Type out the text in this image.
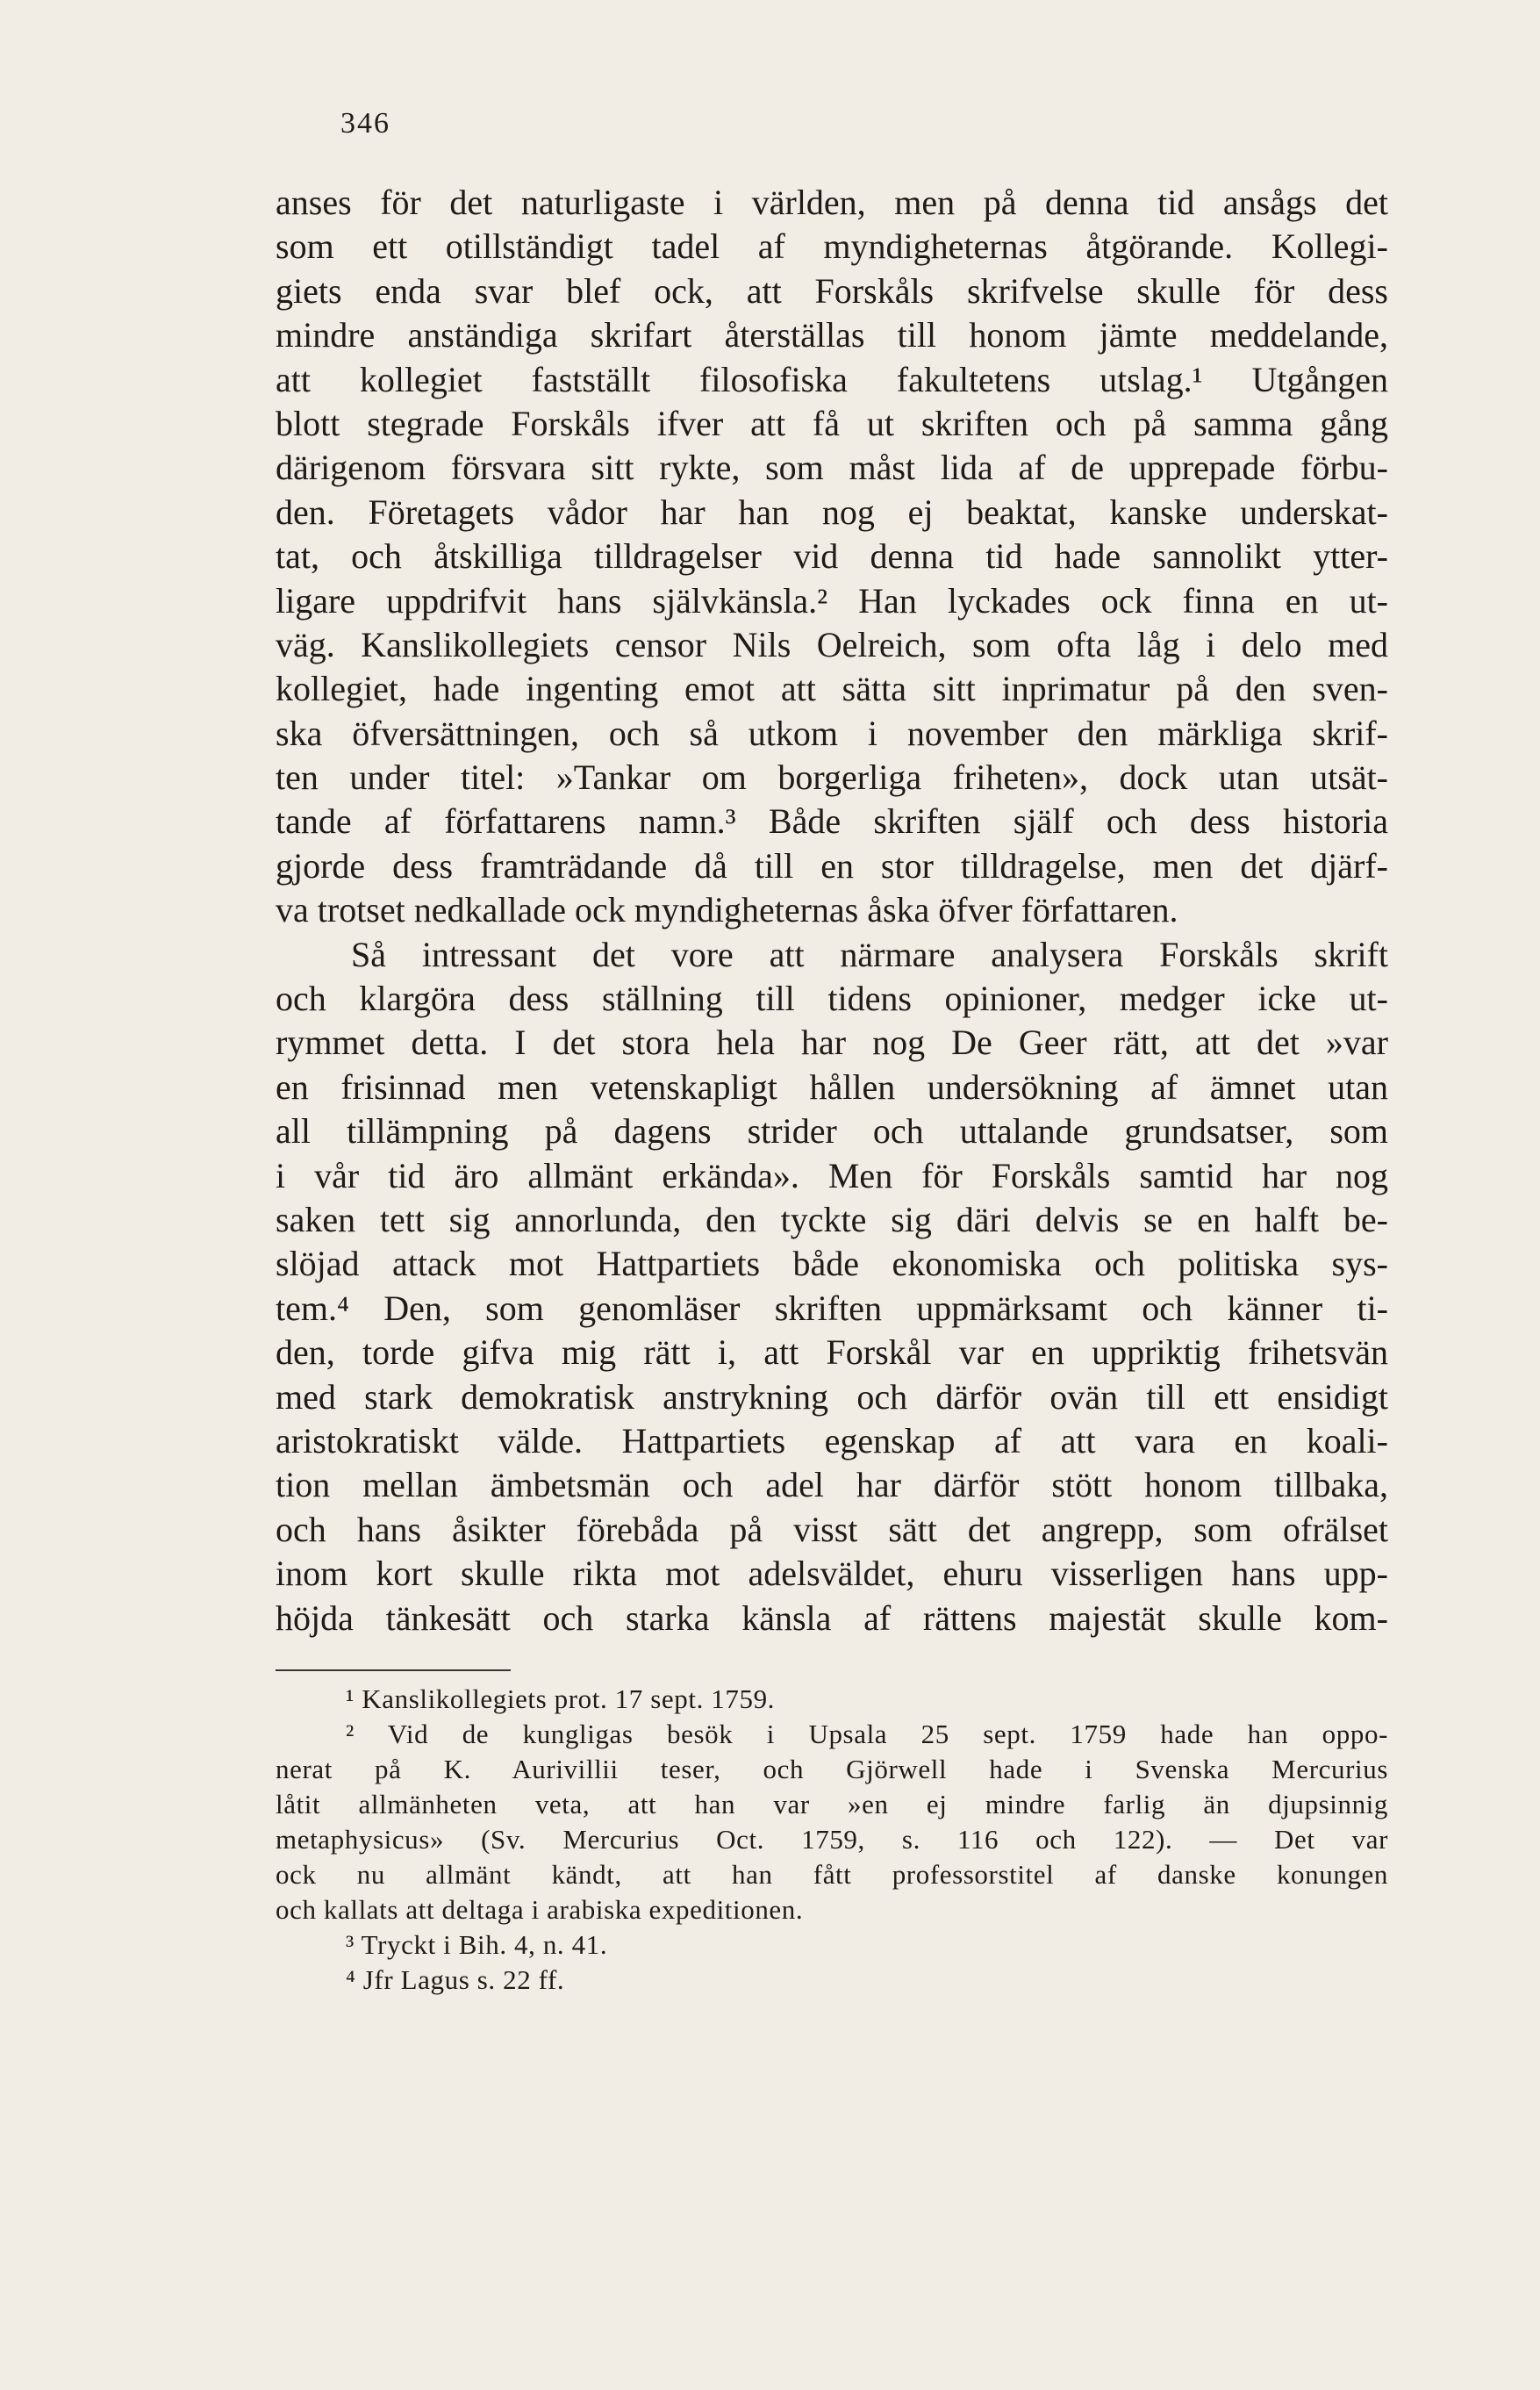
346
anses för det naturligaste i världen, men på denna tid ansågs det
som ett otillständigt tadel af myndigheternas åtgörande. Kollegi-
giets enda svar blef ock, att Forskåls skrifvelse skulle för dess
mindre anständiga skrifart återställas till honom jämte meddelande,
att kollegiet fastställt filosofiska fakultetens utslag.¹ Utgången
blott stegrade Forskåls ifver att få ut skriften och på samma gång
därigenom försvara sitt rykte, som måst lida af de upprepade förbu-
den. Företagets vådor har han nog ej beaktat, kanske underskat-
tat, och åtskilliga tilldragelser vid denna tid hade sannolikt ytter-
ligare uppdrifvit hans självkänsla.² Han lyckades ock finna en ut-
väg. Kanslikollegiets censor Nils Oelreich, som ofta låg i delo med
kollegiet, hade ingenting emot att sätta sitt inprimatur på den sven-
ska öfversättningen, och så utkom i november den märkliga skrif-
ten under titel: »Tankar om borgerliga friheten», dock utan utsät-
tande af författarens namn.³ Både skriften själf och dess historia
gjorde dess framträdande då till en stor tilldragelse, men det djärf-
va trotset nedkallade ock myndigheternas åska öfver författaren.
Så intressant det vore att närmare analysera Forskåls skrift
och klargöra dess ställning till tidens opinioner, medger icke ut-
rymmet detta. I det stora hela har nog De Geer rätt, att det »var
en frisinnad men vetenskapligt hållen undersökning af ämnet utan
all tillämpning på dagens strider och uttalande grundsatser, som
i vår tid äro allmänt erkända». Men för Forskåls samtid har nog
saken tett sig annorlunda, den tyckte sig däri delvis se en halft be-
slöjad attack mot Hattpartiets både ekonomiska och politiska sys-
tem.⁴ Den, som genomläser skriften uppmärksamt och känner ti-
den, torde gifva mig rätt i, att Forskål var en uppriktig frihetsvän
med stark demokratisk anstrykning och därför ovän till ett ensidigt
aristokratiskt välde. Hattpartiets egenskap af att vara en koali-
tion mellan ämbetsmän och adel har därför stött honom tillbaka,
och hans åsikter förebåda på visst sätt det angrepp, som ofrälset
inom kort skulle rikta mot adelsväldet, ehuru visserligen hans upp-
höjda tänkesätt och starka känsla af rättens majestät skulle kom-
¹ Kanslikollegiets prot. 17 sept. 1759.
² Vid de kungligas besök i Upsala 25 sept. 1759 hade han oppo-
nerat på K. Aurivillii teser, och Gjörwell hade i Svenska Mercurius
låtit allmänheten veta, att han var »en ej mindre farlig än djupsinnig
metaphysicus» (Sv. Mercurius Oct. 1759, s. 116 och 122). — Det var
ock nu allmänt kändt, att han fått professorstitel af danske konungen
och kallats att deltaga i arabiska expeditionen.
³ Tryckt i Bih. 4, n. 41.
⁴ Jfr Lagus s. 22 ff.
